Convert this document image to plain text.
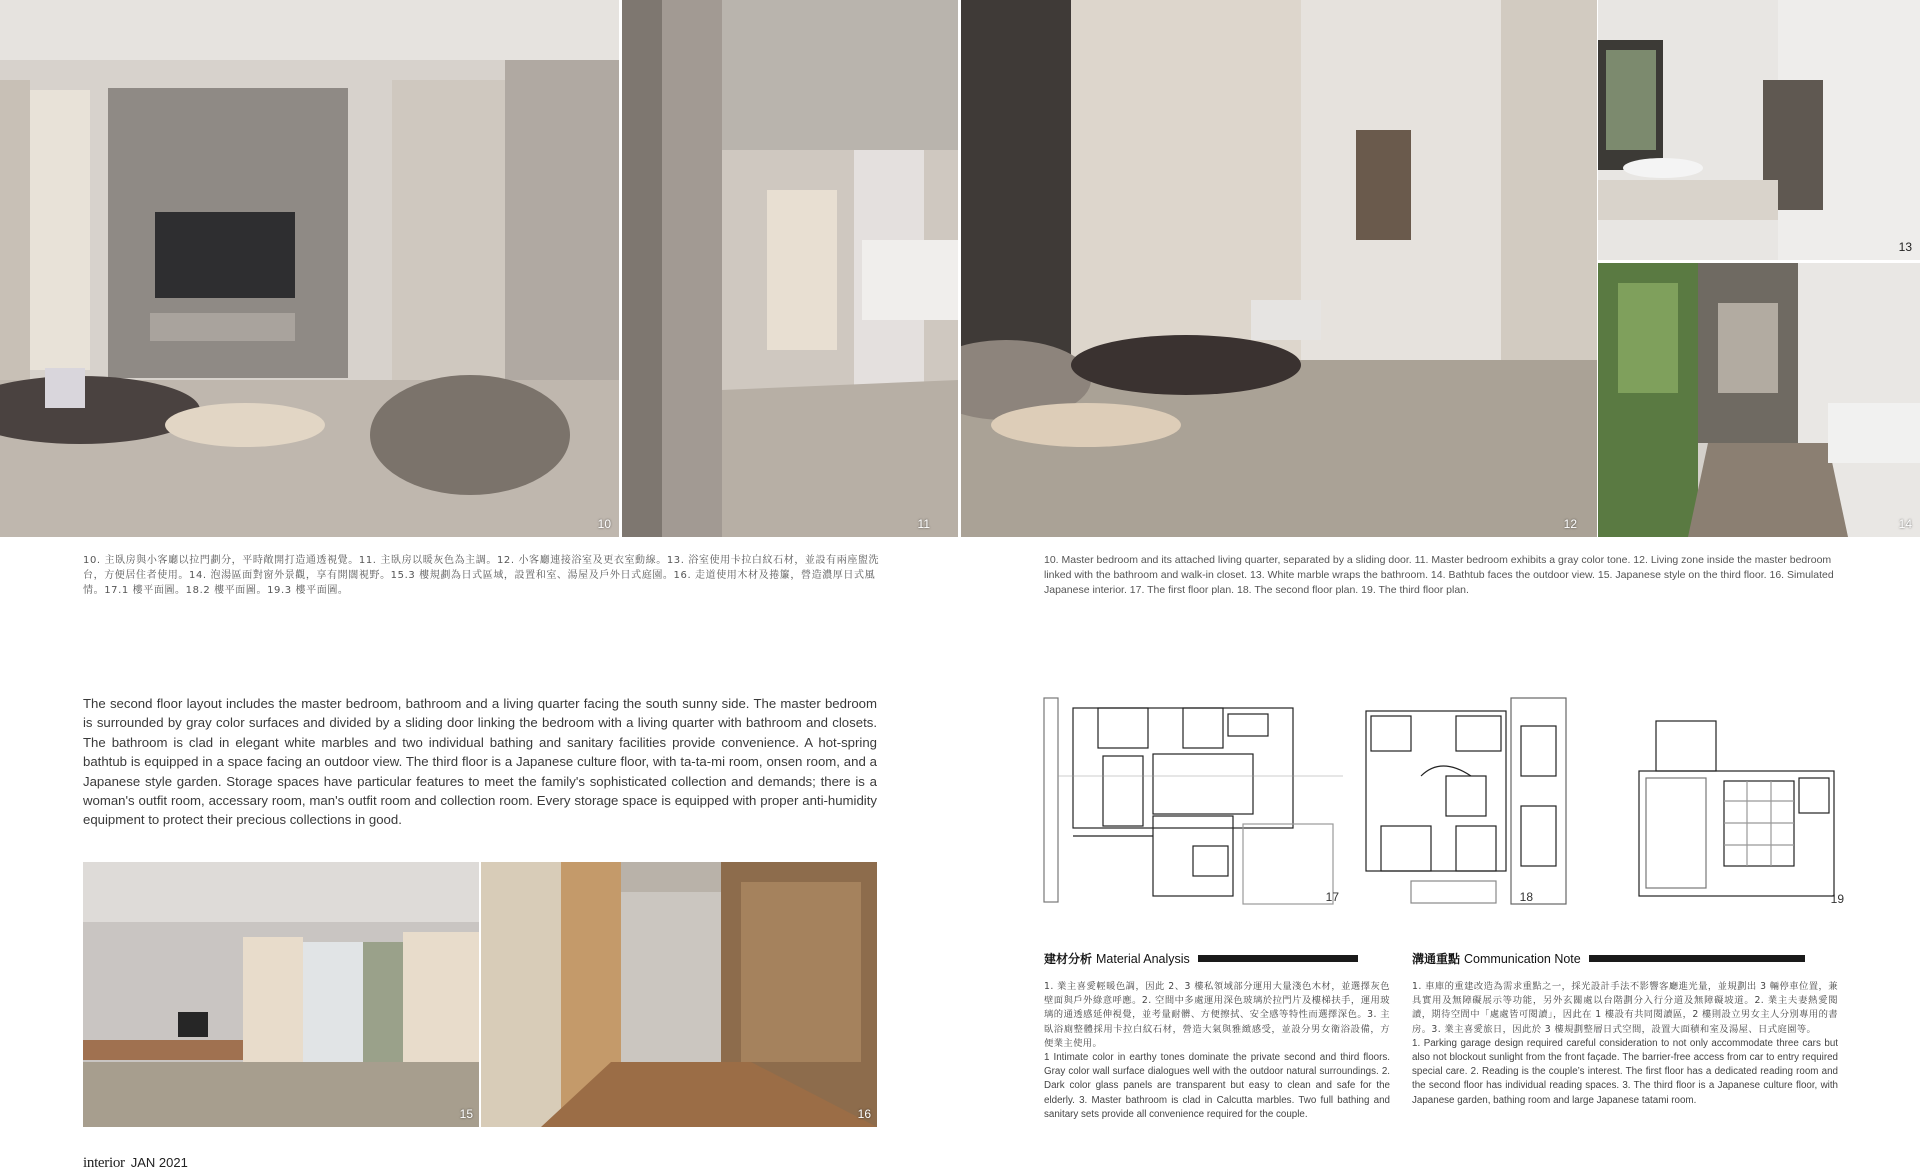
10	11	12
13
14
15	16
10. 主臥房與小客廳以拉門劃分，平時敞開打造通透視覺。11. 主臥房以暖灰色為主調。12. 小客廳連接浴室及更衣室動線。13. 浴室使用卡拉白紋石材，並設有兩座盥洗台，方便居住者使用。14. 泡湯區面對窗外景觀，享有開闊視野。15.3 樓規劃為日式區域，設置和室、湯屋及戶外日式庭園。16. 走道使用木材及捲簾，營造濃厚日式風情。17.1 樓平面圖。18.2 樓平面圖。19.3 樓平面圖。
10. Master bedroom and its attached living quarter, separated by a sliding door. 11. Master bedroom exhibits a gray color tone. 12. Living zone inside the master bedroom linked with the bathroom and walk-in closet. 13. White marble wraps the bathroom. 14. Bathtub faces the outdoor view. 15. Japanese style on the third floor. 16. Simulated Japanese interior. 17. The first floor plan. 18. The second floor plan. 19. The third floor plan.
The second floor layout includes the master bedroom, bathroom and a living quarter facing the south sunny side. The master bedroom is surrounded by gray color surfaces and divided by a sliding door linking the bedroom with a living quarter with bathroom and closets. The bathroom is clad in elegant white marbles and two individual bathing and sanitary facilities provide convenience. A hot-spring bathtub is equipped in a space facing an outdoor view. The third floor is a Japanese culture floor, with ta-ta-mi room, onsen room, and a Japanese style garden. Storage spaces have particular features to meet the family's sophisticated collection and demands; there is a woman's outfit room, accessary room, man's outfit room and collection room. Every storage space is equipped with proper anti-humidity equipment to protect their precious collections in good.
17	18	19
建材分析 Material Analysis

1. 業主喜愛輕暖色調，因此 2、3 樓私領域部分運用大量淺色木材，並選擇灰色壁面與戶外綠意呼應。2. 空間中多處運用深色玻璃於拉門片及樓梯扶手，運用玻璃的通透感延伸視覺，並考量耐髒、方便擦拭、安全感等特性而選擇深色。3. 主臥浴廁整體採用卡拉白紋石材，營造大氣與雅緻感受，並設分男女衛浴設備，方便業主使用。

1 Intimate color in earthy tones dominate the private second and third floors. Gray color wall surface dialogues well with the outdoor natural surroundings. 2. Dark color glass panels are transparent but easy to clean and safe for the elderly. 3. Master bathroom is clad in Calcutta marbles. Two full bathing and sanitary sets provide all convenience required for the couple.

溝通重點 Communication Note

1. 車庫的重建改造為需求重點之一，採光設計手法不影響客廳進光量，並規劃出 3 輛停車位置，兼具實用及無障礙展示等功能，另外玄關處以台階劃分入行分道及無障礙坡道。2. 業主夫妻熱愛閱讀，期待空間中「處處皆可閱讀」，因此在 1 樓設有共同閱讀區，2 樓則設立男女主人分別專用的書房。3. 業主喜愛旅日，因此於 3 樓規劃整層日式空間，設置大面積和室及湯屋、日式庭園等。

1. Parking garage design required careful consideration to not only accommodate three cars but also not blockout sunlight from the front façade. The barrier-free access from car to entry required special care. 2. Reading is the couple’s interest. The first floor has a dedicated reading room and the second floor has individual reading spaces. 3. The third floor is a Japanese culture floor, with Japanese garden, bathing room and large Japanese tatami room.

interior JAN 2021
